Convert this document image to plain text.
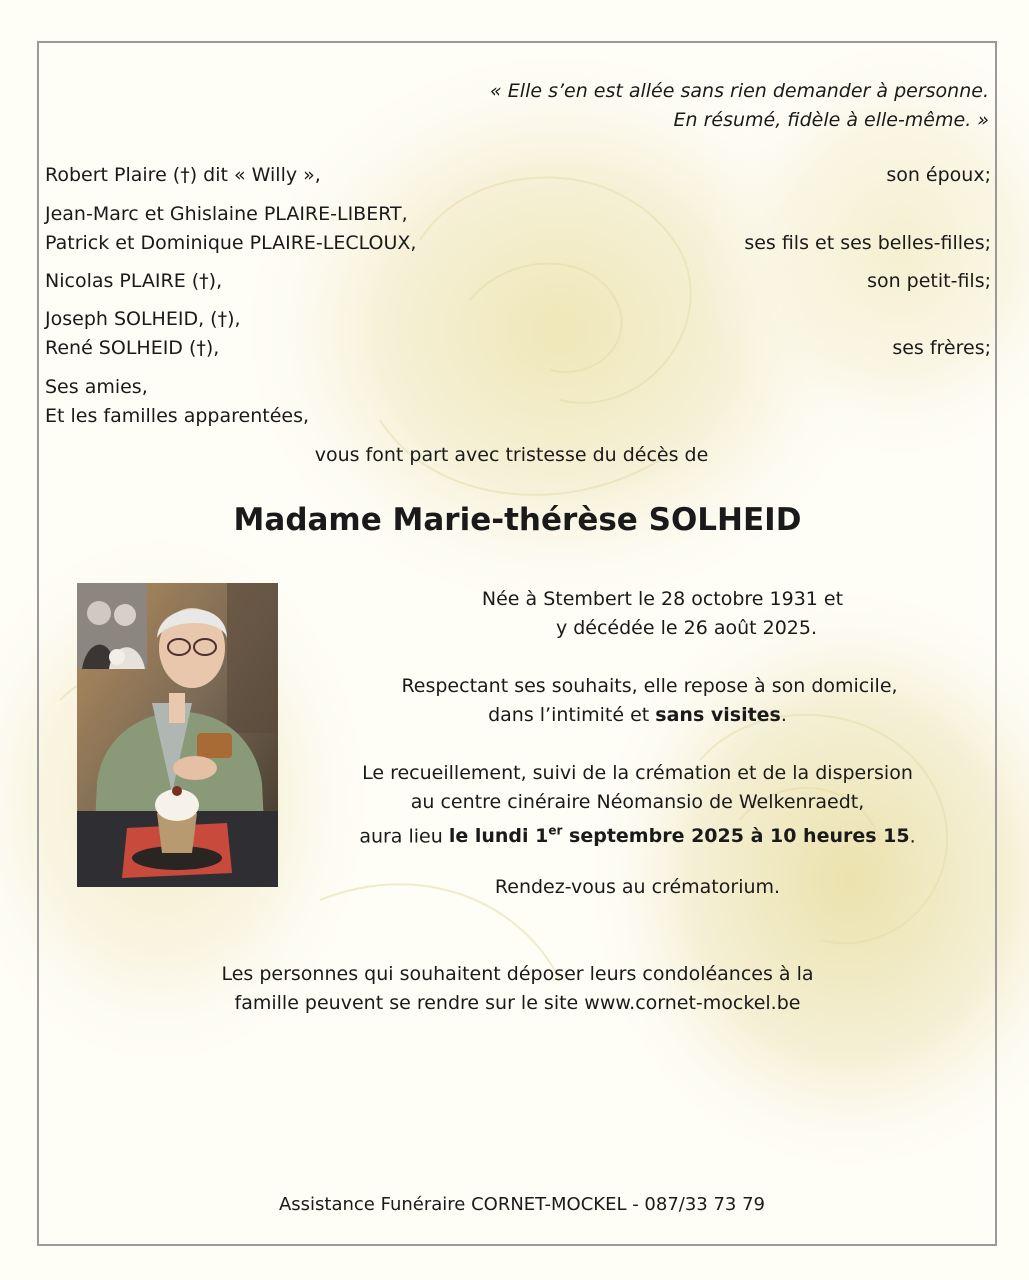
« Elle s’en est allée sans rien demander à personne.
En résumé, fidèle à elle-même. »
Robert Plaire (†) dit « Willy »,	son époux;
Jean-Marc et Ghislaine PLAIRE-LIBERT,
Patrick et Dominique PLAIRE-LECLOUX,	ses fils et ses belles-filles;
Nicolas PLAIRE (†),	son petit-fils;
Joseph SOLHEID, (†),
René SOLHEID (†),	ses frères;
Ses amies,
Et les familles apparentées,
vous font part avec tristesse du décès de
Madame Marie-thérèse SOLHEID
Née à Stembert le 28 octobre 1931 et
y décédée le 26 août 2025.
Respectant ses souhaits, elle repose à son domicile,
dans l’intimité et sans visites.
Le recueillement, suivi de la crémation et de la dispersion
au centre cinéraire Néomansio de Welkenraedt,
aura lieu le lundi 1er septembre 2025 à 10 heures 15.
Rendez-vous au crématorium.
Les personnes qui souhaitent déposer leurs condoléances à la
famille peuvent se rendre sur le site www.cornet-mockel.be
Assistance Funéraire CORNET-MOCKEL - 087/33 73 79
